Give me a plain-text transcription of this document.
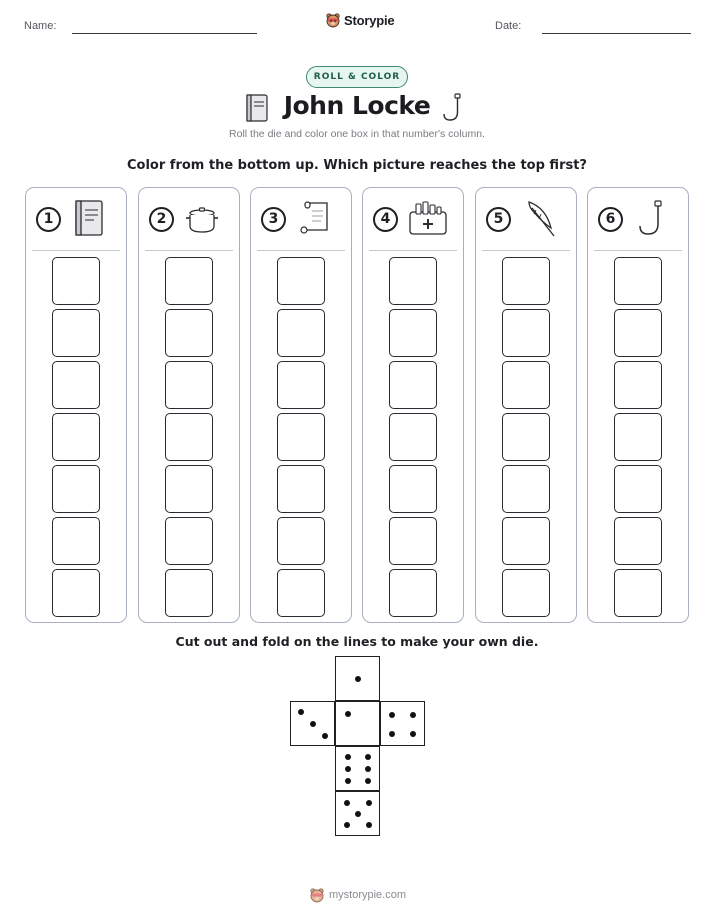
Name:	Storypie	Date:
ROLL & COLOR
John Locke
Roll the die and color one box in that number's column.
Color from the bottom up. Which picture reaches the top first?
1	2	3	4	5	6
Cut out and fold on the lines to make your own die.
mystorypie.com
